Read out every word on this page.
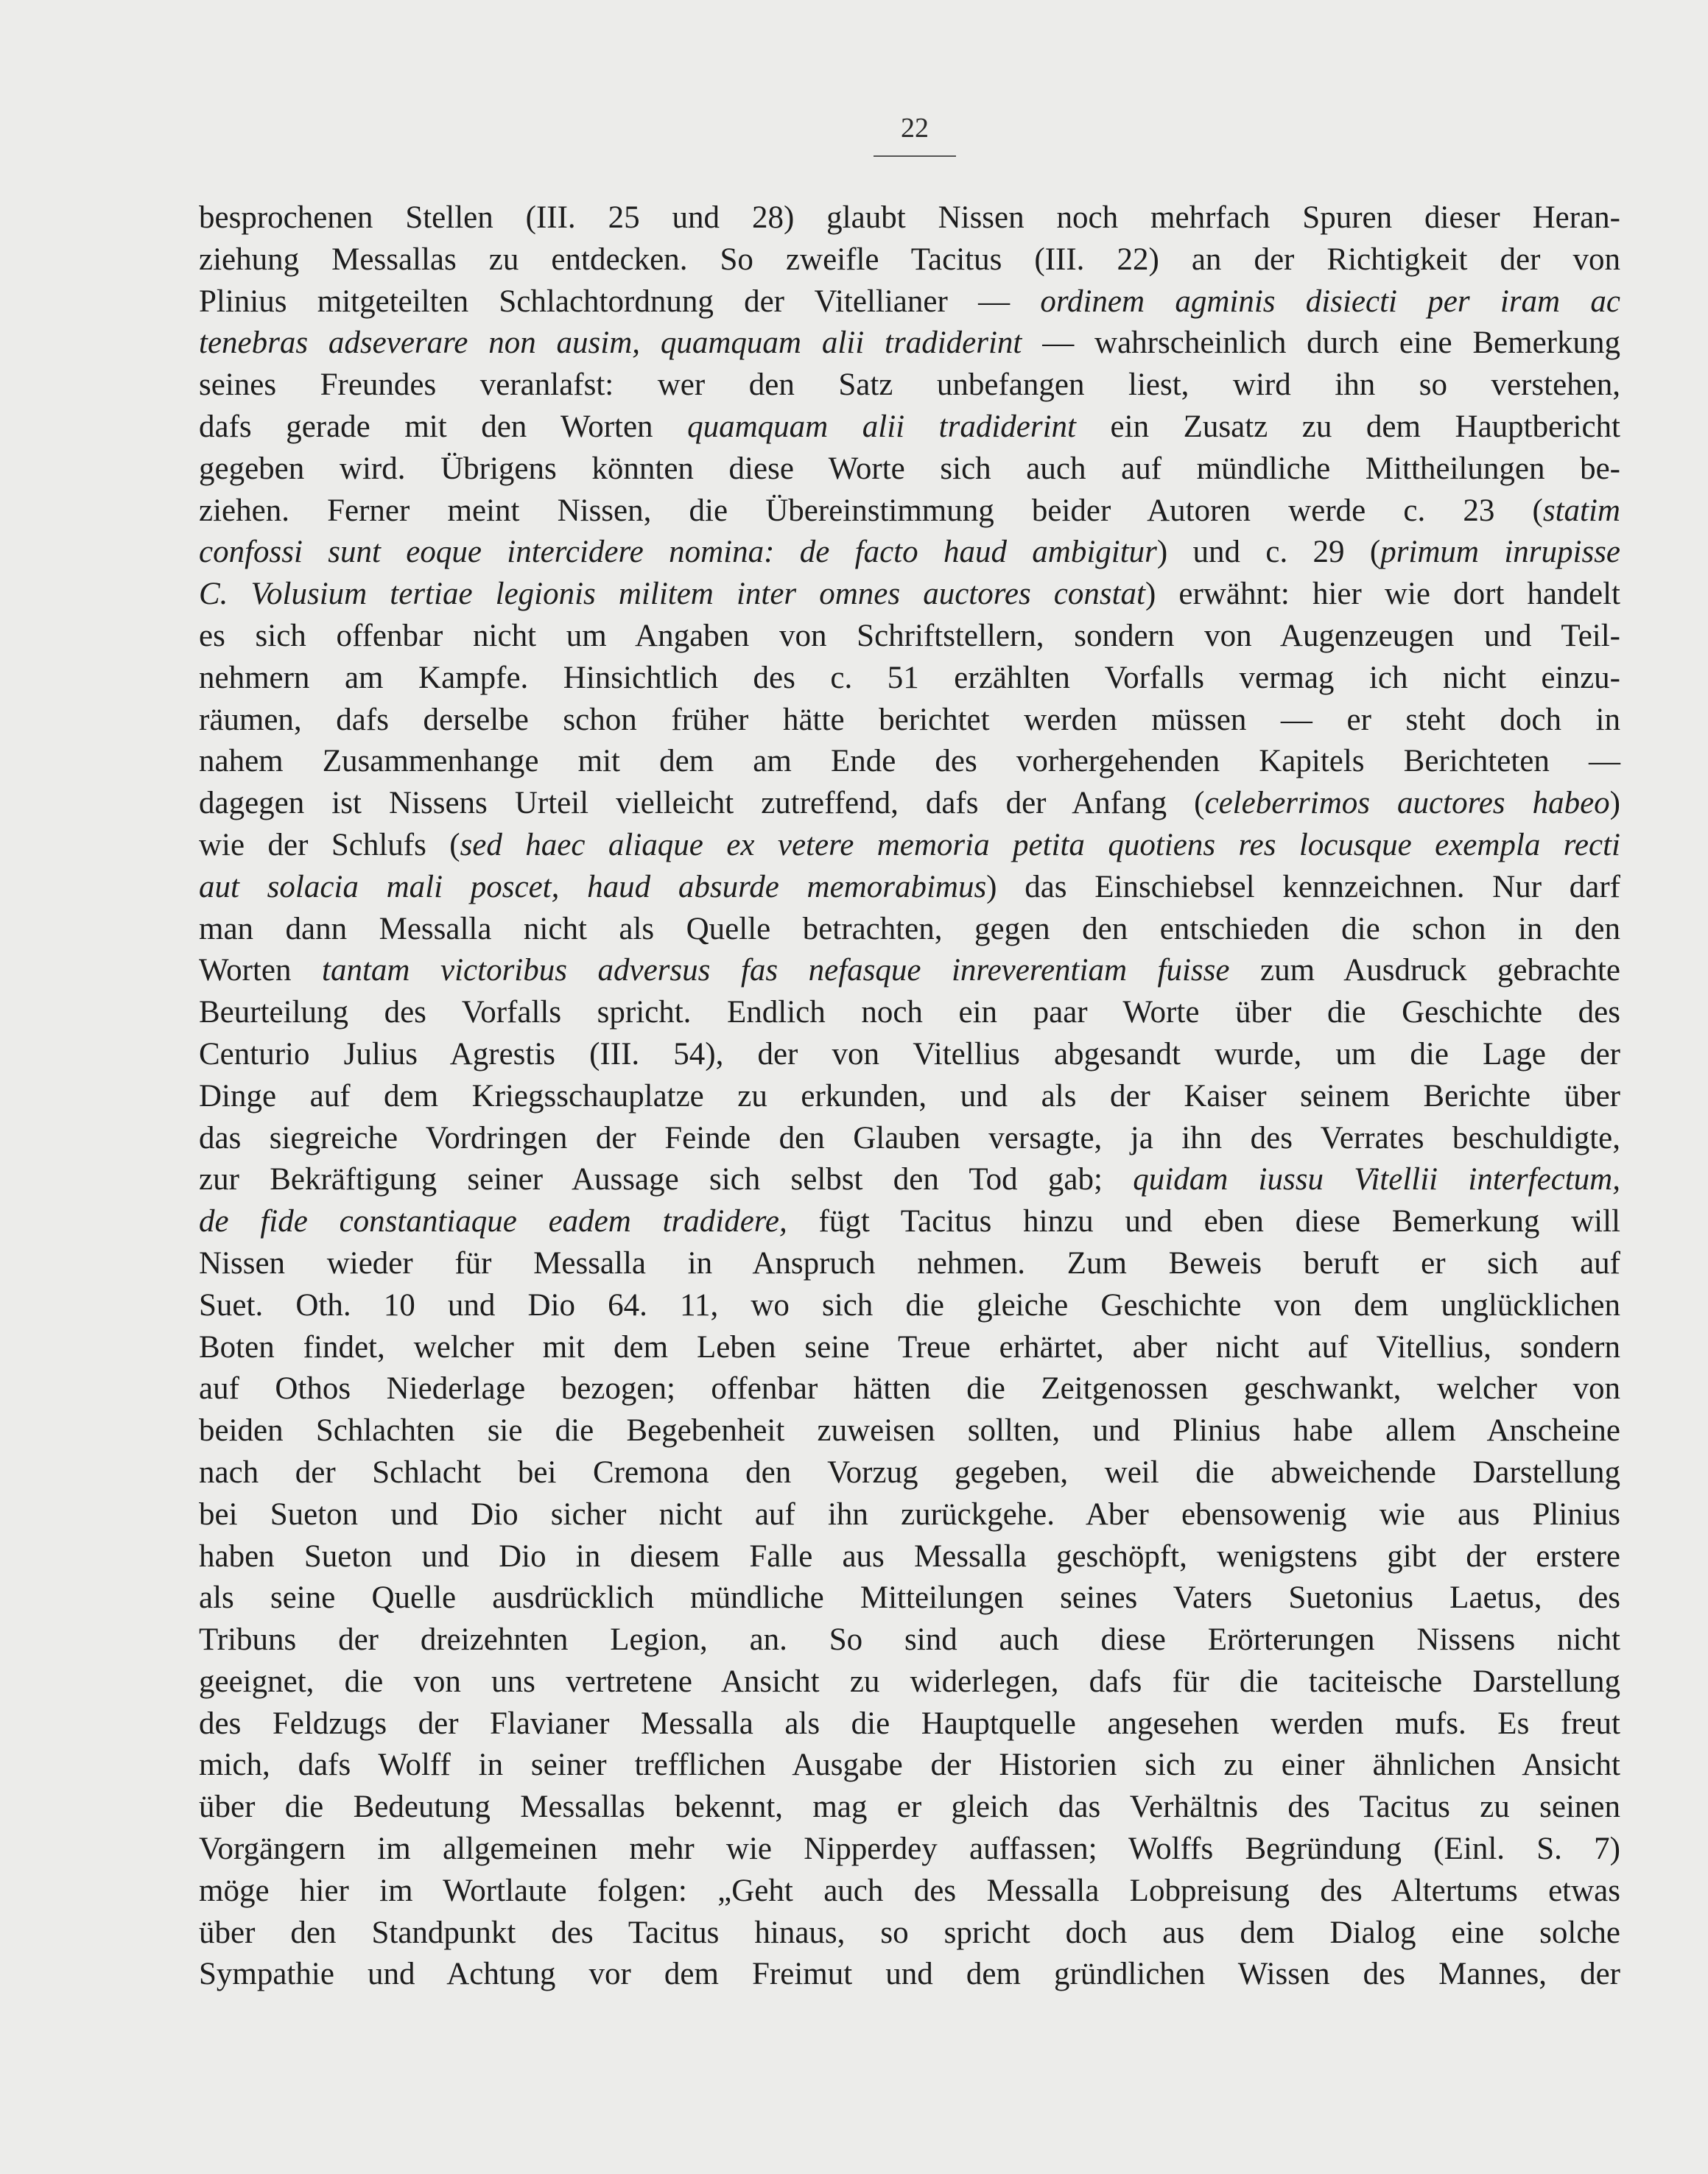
22
besprochenen Stellen (III. 25 und 28) glaubt Nissen noch mehrfach Spuren dieser Heran-
ziehung Messallas zu entdecken. So zweifle Tacitus (III. 22) an der Richtigkeit der von
Plinius mitgeteilten Schlachtordnung der Vitellianer — ordinem agminis disiecti per iram ac
tenebras adseverare non ausim, quamquam alii tradiderint — wahrscheinlich durch eine Bemerkung
seines Freundes veranlafst: wer den Satz unbefangen liest, wird ihn so verstehen,
dafs gerade mit den Worten quamquam alii tradiderint ein Zusatz zu dem Hauptbericht
gegeben wird. Übrigens könnten diese Worte sich auch auf mündliche Mittheilungen be-
ziehen. Ferner meint Nissen, die Übereinstimmung beider Autoren werde c. 23 (statim
confossi sunt eoque intercidere nomina: de facto haud ambigitur) und c. 29 (primum inrupisse
C. Volusium tertiae legionis militem inter omnes auctores constat) erwähnt: hier wie dort handelt
es sich offenbar nicht um Angaben von Schriftstellern, sondern von Augenzeugen und Teil-
nehmern am Kampfe. Hinsichtlich des c. 51 erzählten Vorfalls vermag ich nicht einzu-
räumen, dafs derselbe schon früher hätte berichtet werden müssen — er steht doch in
nahem Zusammenhange mit dem am Ende des vorhergehenden Kapitels Berichteten —
dagegen ist Nissens Urteil vielleicht zutreffend, dafs der Anfang (celeberrimos auctores habeo)
wie der Schlufs (sed haec aliaque ex vetere memoria petita quotiens res locusque exempla recti
aut solacia mali poscet, haud absurde memorabimus) das Einschiebsel kennzeichnen. Nur darf
man dann Messalla nicht als Quelle betrachten, gegen den entschieden die schon in den
Worten tantam victoribus adversus fas nefasque inreverentiam fuisse zum Ausdruck gebrachte
Beurteilung des Vorfalls spricht. Endlich noch ein paar Worte über die Geschichte des
Centurio Julius Agrestis (III. 54), der von Vitellius abgesandt wurde, um die Lage der
Dinge auf dem Kriegsschauplatze zu erkunden, und als der Kaiser seinem Berichte über
das siegreiche Vordringen der Feinde den Glauben versagte, ja ihn des Verrates beschuldigte,
zur Bekräftigung seiner Aussage sich selbst den Tod gab; quidam iussu Vitellii interfectum,
de fide constantiaque eadem tradidere, fügt Tacitus hinzu und eben diese Bemerkung will
Nissen wieder für Messalla in Anspruch nehmen. Zum Beweis beruft er sich auf
Suet. Oth. 10 und Dio 64. 11, wo sich die gleiche Geschichte von dem unglücklichen
Boten findet, welcher mit dem Leben seine Treue erhärtet, aber nicht auf Vitellius, sondern
auf Othos Niederlage bezogen; offenbar hätten die Zeitgenossen geschwankt, welcher von
beiden Schlachten sie die Begebenheit zuweisen sollten, und Plinius habe allem Anscheine
nach der Schlacht bei Cremona den Vorzug gegeben, weil die abweichende Darstellung
bei Sueton und Dio sicher nicht auf ihn zurückgehe. Aber ebensowenig wie aus Plinius
haben Sueton und Dio in diesem Falle aus Messalla geschöpft, wenigstens gibt der erstere
als seine Quelle ausdrücklich mündliche Mitteilungen seines Vaters Suetonius Laetus, des
Tribuns der dreizehnten Legion, an. So sind auch diese Erörterungen Nissens nicht
geeignet, die von uns vertretene Ansicht zu widerlegen, dafs für die taciteische Darstellung
des Feldzugs der Flavianer Messalla als die Hauptquelle angesehen werden mufs. Es freut
mich, dafs Wolff in seiner trefflichen Ausgabe der Historien sich zu einer ähnlichen Ansicht
über die Bedeutung Messallas bekennt, mag er gleich das Verhältnis des Tacitus zu seinen
Vorgängern im allgemeinen mehr wie Nipperdey auffassen; Wolffs Begründung (Einl. S. 7)
möge hier im Wortlaute folgen: „Geht auch des Messalla Lobpreisung des Altertums etwas
über den Standpunkt des Tacitus hinaus, so spricht doch aus dem Dialog eine solche
Sympathie und Achtung vor dem Freimut und dem gründlichen Wissen des Mannes, der
